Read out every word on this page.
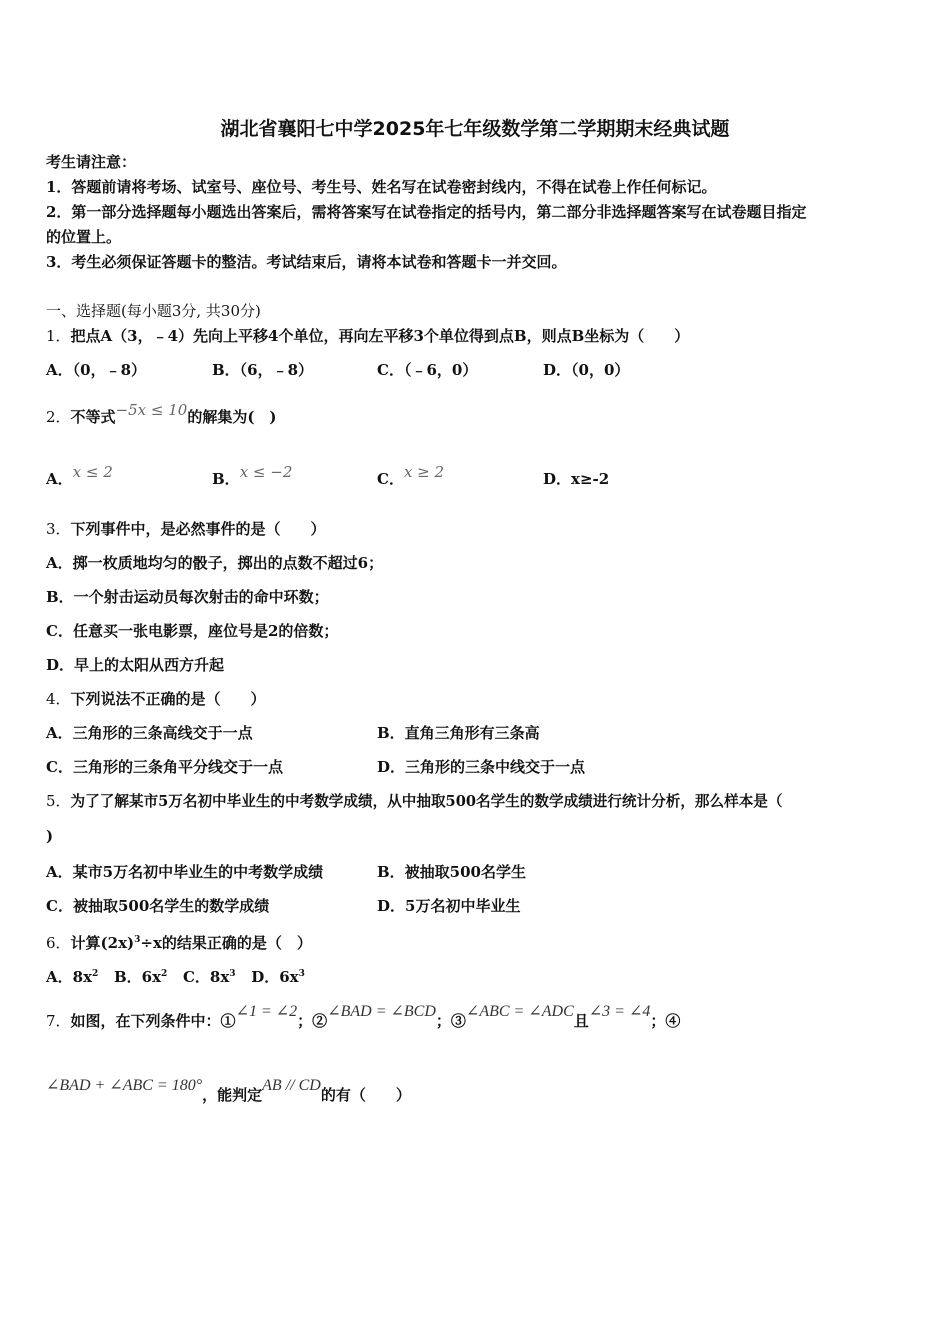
湖北省襄阳七中学2025年七年级数学第二学期期末经典试题
考生请注意：
1．答题前请将考场、试室号、座位号、考生号、姓名写在试卷密封线内，不得在试卷上作任何标记。
2．第一部分选择题每小题选出答案后，需将答案写在试卷指定的括号内，第二部分非选择题答案写在试卷题目指定
的位置上。
3．考生必须保证答题卡的整洁。考试结束后，请将本试卷和答题卡一并交回。
一、选择题(每小题3分, 共30分)
1．把点A（3，﹣4）先向上平移4个单位，再向左平移3个单位得到点B，则点B坐标为（　　）
A．（0，﹣8）	B．（6，﹣8）	C．（﹣6，0）	D．（0，0）
2．不等式−5x ≤ 10的解集为(　)
A．x ≤ 2	B．x ≤ −2	C．x ≥ 2	D．x≥-2
3．下列事件中，是必然事件的是（　　）
A．掷一枚质地均匀的骰子，掷出的点数不超过6；
B．一个射击运动员每次射击的命中环数；
C．任意买一张电影票，座位号是2的倍数；
D．早上的太阳从西方升起
4．下列说法不正确的是（　　）
A．三角形的三条高线交于一点	B．直角三角形有三条高
C．三角形的三条角平分线交于一点	D．三角形的三条中线交于一点
5．为了了解某市5万名初中毕业生的中考数学成绩，从中抽取500名学生的数学成绩进行统计分析，那么样本是（
)
A．某市5万名初中毕业生的中考数学成绩	B．被抽取500名学生
C．被抽取500名学生的数学成绩	D．5万名初中毕业生
6．计算$(2x)^3\div x$的结果正确的是（　）
A．$8x^2$ B．$6x^2$ C．$8x^3$ D．$6x^3$
7．如图，在下列条件中：①∠1 = ∠2；②∠BAD = ∠BCD；③∠ABC = ∠ADC且∠3 = ∠4；④
∠BAD + ∠ABC = 180°，能判定AB // CD的有（　　）
